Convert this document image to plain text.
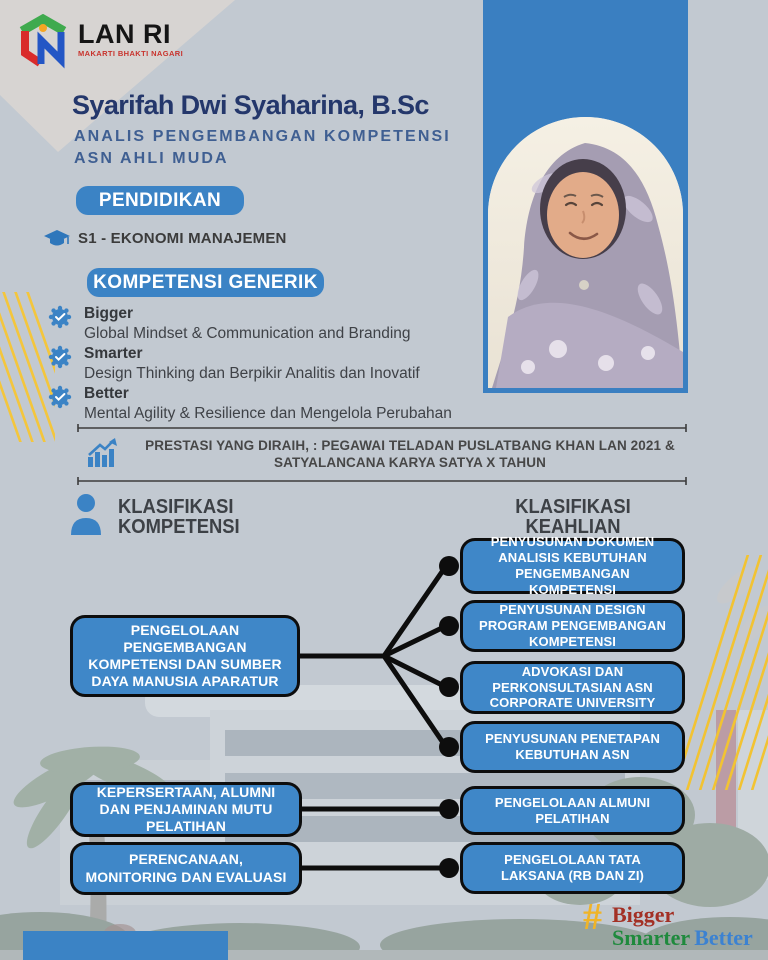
LAN RI
MAKARTI BHAKTI NAGARI
Syarifah Dwi Syaharina, B.Sc
ANALIS PENGEMBANGAN KOMPETENSI
ASN AHLI MUDA
PENDIDIKAN
S1 - EKONOMI MANAJEMEN
KOMPETENSI GENERIK
Bigger
Global Mindset & Communication and Branding
Smarter
Design Thinking dan Berpikir Analitis dan Inovatif
Better
Mental Agility & Resilience dan Mengelola Perubahan
PRESTASI YANG DIRAIH, : PEGAWAI TELADAN PUSLATBANG KHAN LAN 2021 &
SATYALANCANA KARYA SATYA X TAHUN
KLASIFIKASI
KOMPETENSI
KLASIFIKASI
KEAHLIAN
PENGELOLAAN PENGEMBANGAN KOMPETENSI DAN SUMBER DAYA MANUSIA APARATUR
KEPERSERTAAN, ALUMNI DAN PENJAMINAN MUTU PELATIHAN
PERENCANAAN, MONITORING DAN EVALUASI
PENYUSUNAN DOKUMEN ANALISIS KEBUTUHAN PENGEMBANGAN KOMPETENSI
PENYUSUNAN DESIGN PROGRAM PENGEMBANGAN KOMPETENSI
ADVOKASI DAN PERKONSULTASIAN ASN CORPORATE UNIVERSITY
PENYUSUNAN PENETAPAN KEBUTUHAN ASN
PENGELOLAAN ALMUNI PELATIHAN
PENGELOLAAN TATA LAKSANA (RB DAN ZI)
# Bigger
Smarter Better
